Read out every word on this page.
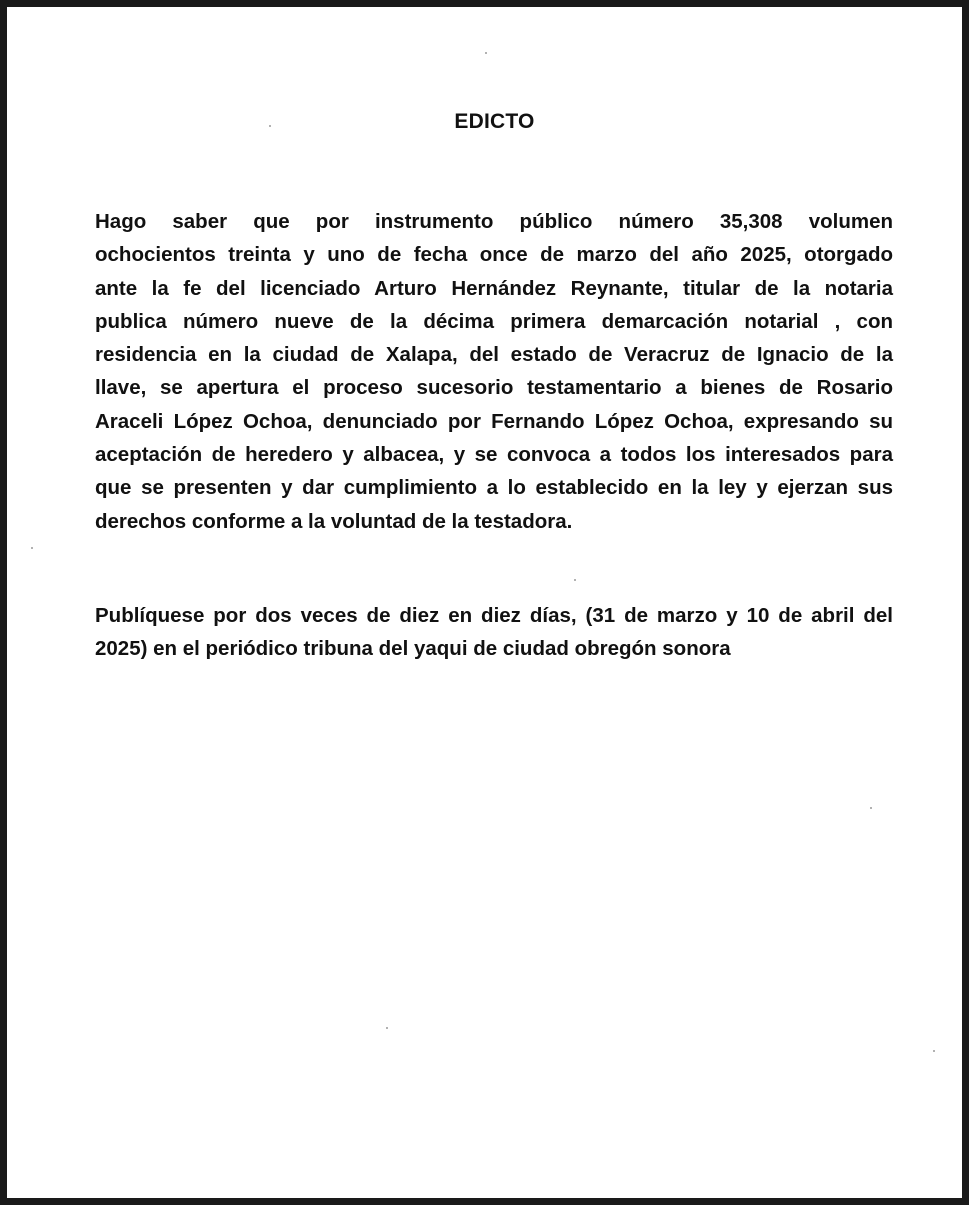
EDICTO
Hago saber que por instrumento público número 35,308 volumen
ochocientos treinta y uno de fecha once de marzo del año 2025, otorgado
ante la fe del licenciado Arturo Hernández Reynante, titular de la notaria
publica número nueve de la décima primera demarcación notarial , con
residencia en la ciudad de Xalapa, del estado de Veracruz de Ignacio de la
llave, se apertura el proceso sucesorio testamentario a bienes de Rosario
Araceli López Ochoa, denunciado por Fernando López Ochoa, expresando su
aceptación de heredero y albacea, y se convoca a todos los interesados para
que se presenten y dar cumplimiento a lo establecido en la ley y ejerzan sus
derechos conforme a la voluntad de la testadora.
Publíquese por dos veces de diez en diez días, (31 de marzo y 10 de abril del
2025) en el periódico tribuna del yaqui de ciudad obregón sonora
